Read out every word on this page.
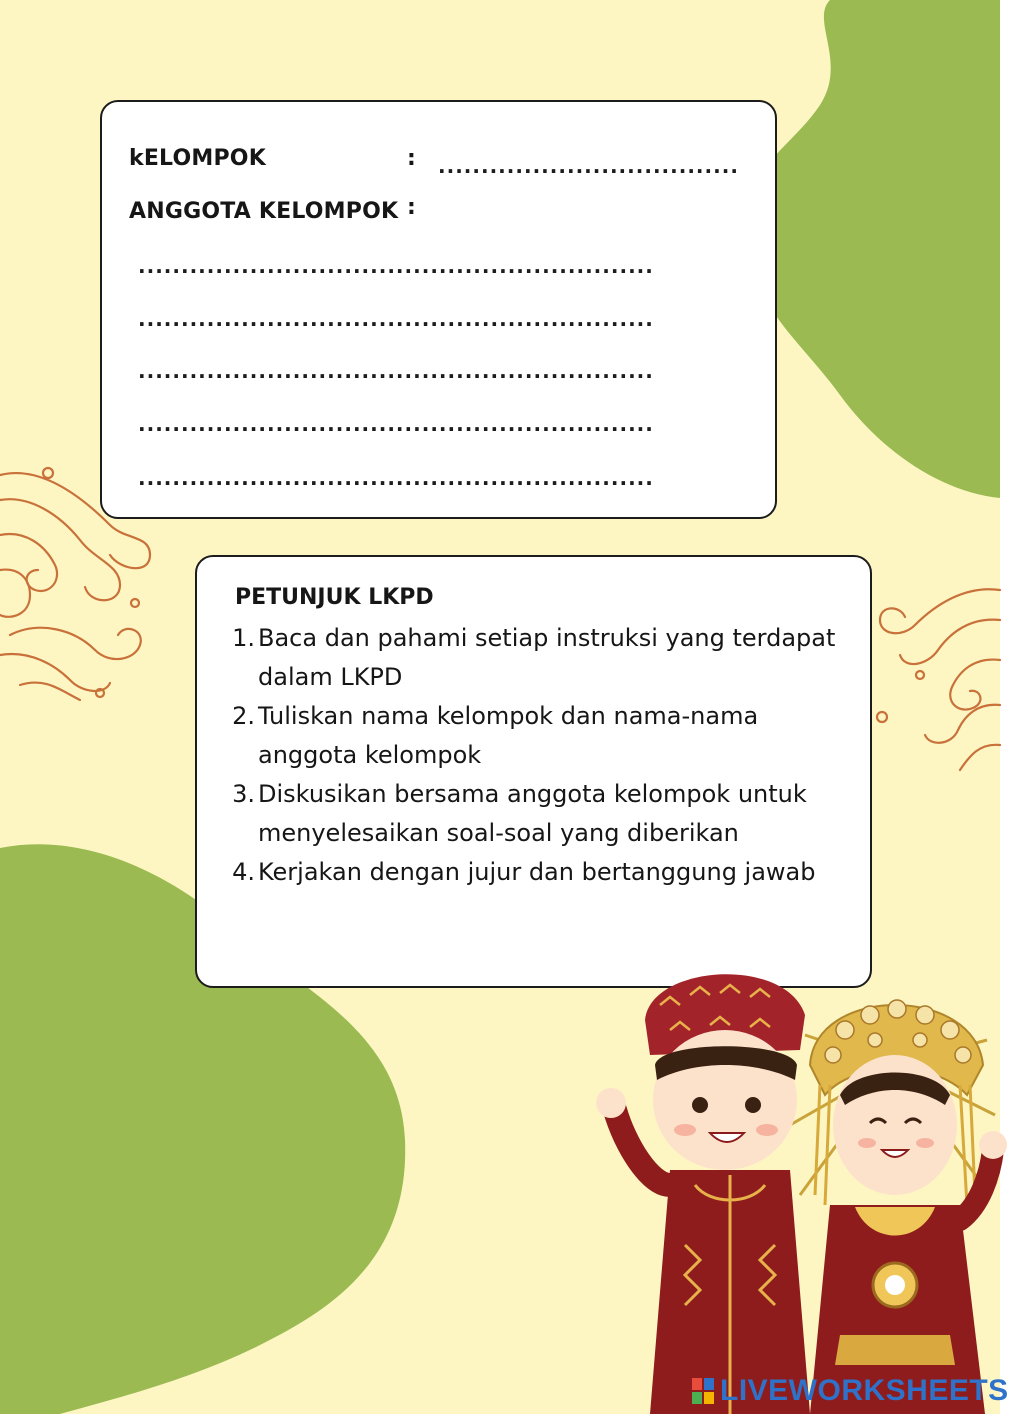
kELOMPOK	: ...................................
ANGGOTA KELOMPOK :
............................................................
............................................................
............................................................
............................................................
............................................................
PETUNJUK LKPD
1. Baca dan pahami setiap instruksi yang terdapat dalam LKPD
2. Tuliskan nama kelompok dan nama-nama anggota kelompok
3. Diskusikan bersama anggota kelompok untuk menyelesaikan soal-soal yang diberikan
4. Kerjakan dengan jujur dan bertanggung jawab
LIVEWORKSHEETS
